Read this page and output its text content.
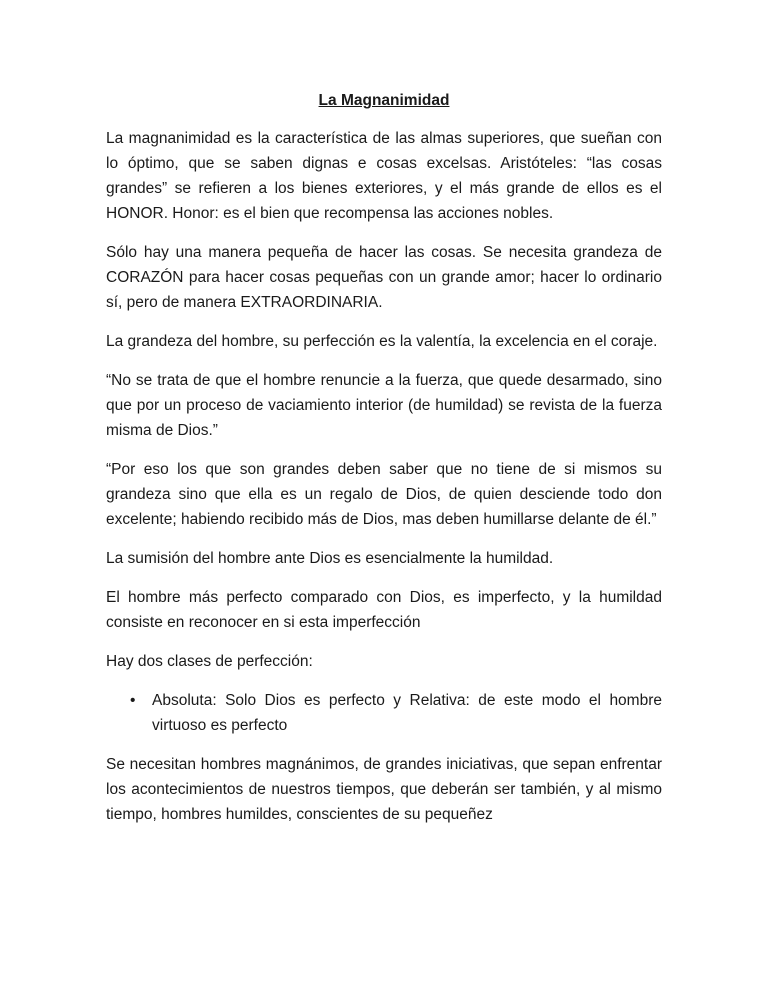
La Magnanimidad

La magnanimidad es la característica de las almas superiores, que sueñan con lo óptimo, que se saben dignas e cosas excelsas. Aristóteles: “las cosas grandes” se refieren a los bienes exteriores, y el más grande de ellos es el HONOR. Honor: es el bien que recompensa las acciones nobles.

Sólo hay una manera pequeña de hacer las cosas. Se necesita grandeza de CORAZÓN para hacer cosas pequeñas con un grande amor; hacer lo ordinario sí, pero de manera EXTRAORDINARIA.

La grandeza del hombre, su perfección es la valentía, la excelencia en el coraje.

“No se trata de que el hombre renuncie a la fuerza, que quede desarmado, sino que por un proceso de vaciamiento interior (de humildad) se revista de la fuerza misma de Dios.”

“Por eso los que son grandes deben saber que no tiene de si mismos su grandeza sino que ella es un regalo de Dios, de quien desciende todo don excelente; habiendo recibido más de Dios, mas deben humillarse delante de él.”

La sumisión del hombre ante Dios es esencialmente la humildad.

El hombre más perfecto comparado con Dios, es imperfecto, y la humildad consiste en reconocer en si esta imperfección

Hay dos clases de perfección:

• Absoluta: Solo Dios es perfecto y Relativa: de este modo el hombre virtuoso es perfecto

Se necesitan hombres magnánimos, de grandes iniciativas, que sepan enfrentar los acontecimientos de nuestros tiempos, que deberán ser también, y al mismo tiempo, hombres humildes, conscientes de su pequeñez
